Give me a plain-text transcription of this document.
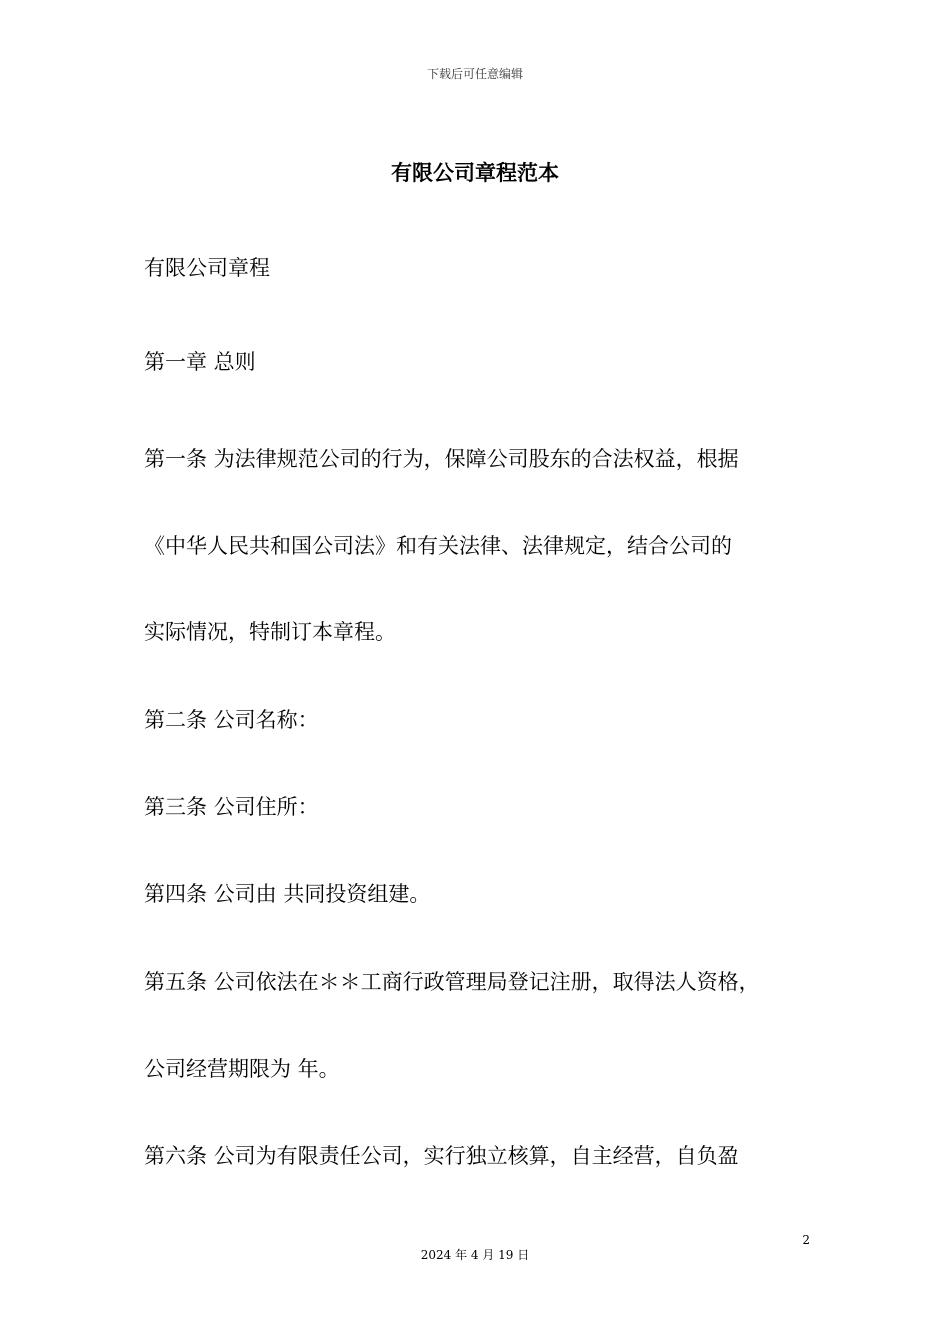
下载后可任意编辑
有限公司章程范本
有限公司章程
第一章 总则
第一条 为法律规范公司的行为，保障公司股东的合法权益，根据
《中华人民共和国公司法》和有关法律、法律规定，结合公司的
实际情况，特制订本章程。
第二条 公司名称：
第三条 公司住所：
第四条 公司由 共同投资组建。
第五条 公司依法在＊＊工商行政管理局登记注册，取得法人资格，
公司经营期限为 年。
第六条 公司为有限责任公司，实行独立核算，自主经营，自负盈
2
2024 年 4 月 19 日
